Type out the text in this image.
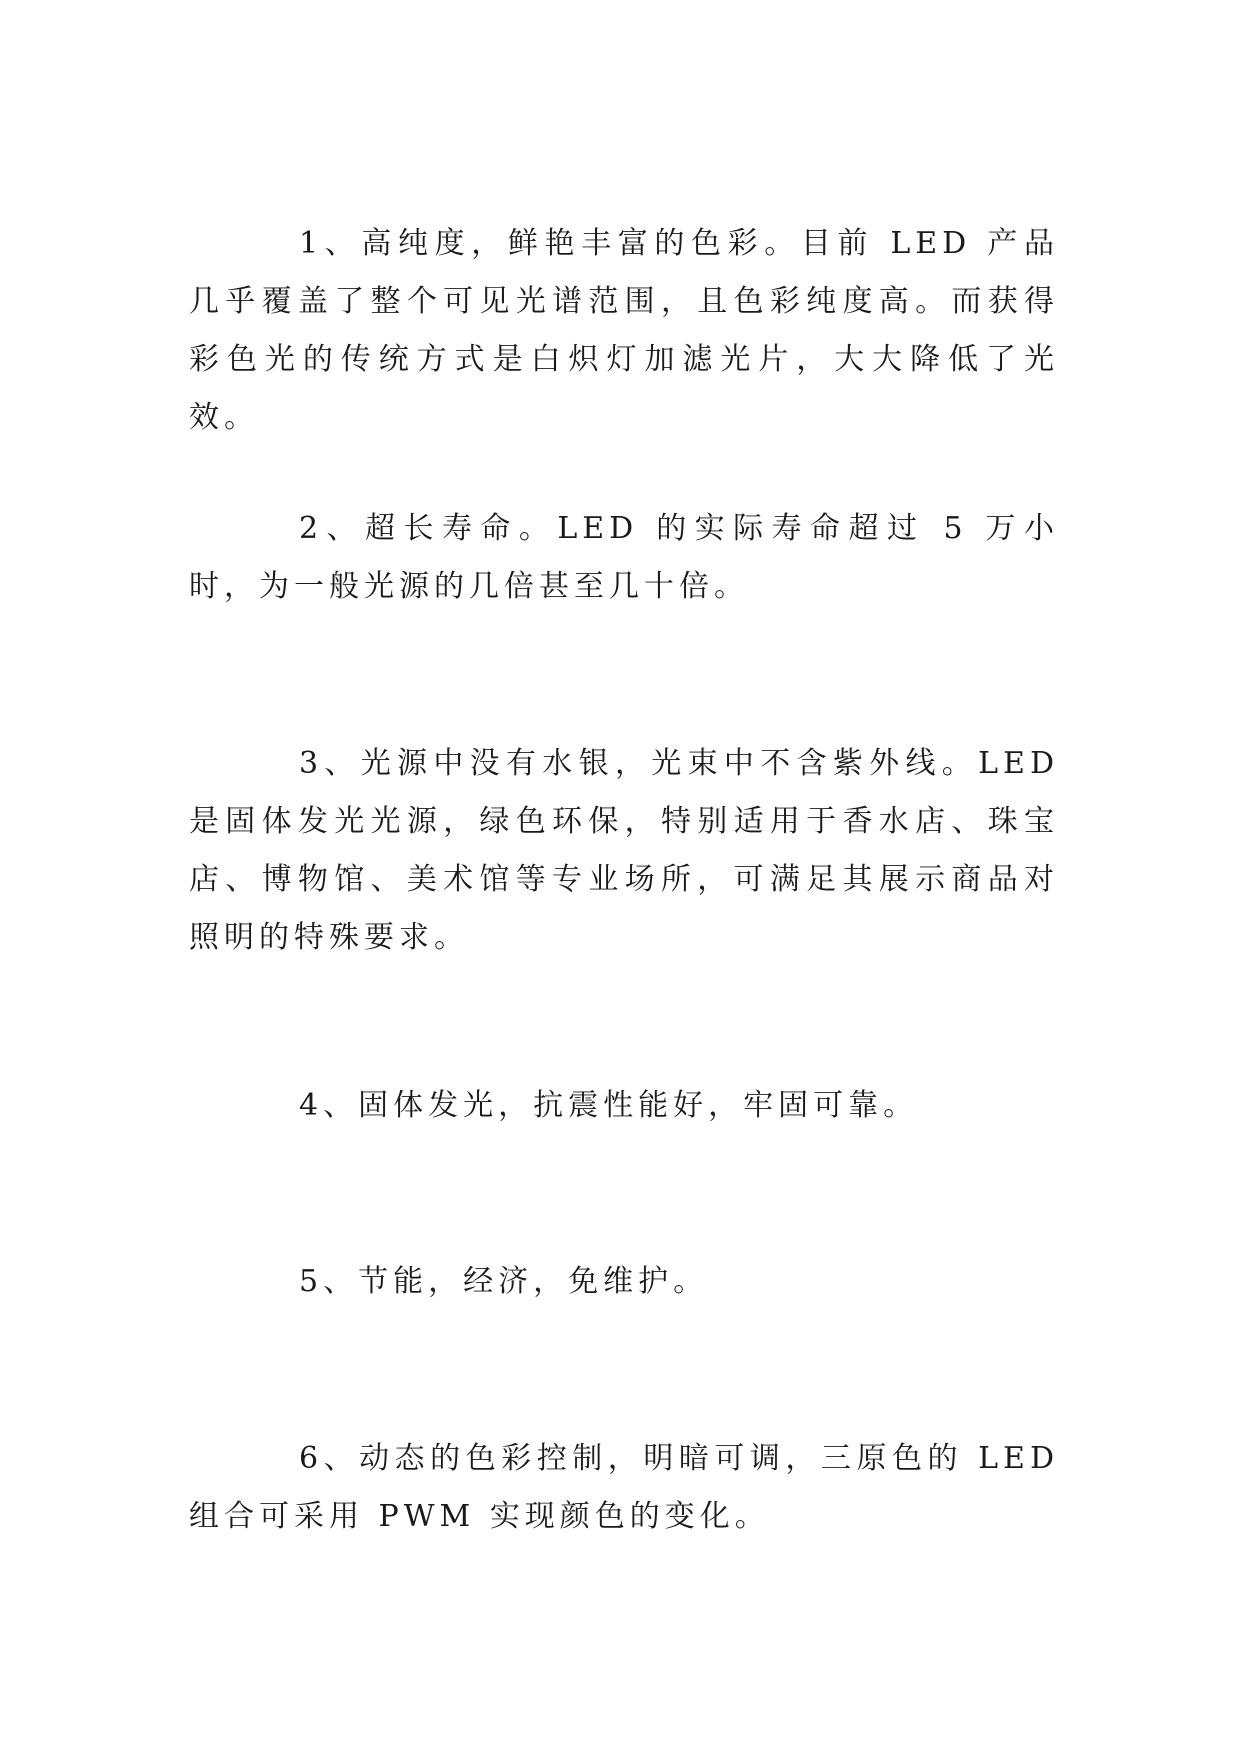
1、高纯度，鲜艳丰富的色彩。目前 LED 产品几乎覆盖了整个可见光谱范围，且色彩纯度高。而获得彩色光的传统方式是白炽灯加滤光片，大大降低了光效。

2、超长寿命。LED 的实际寿命超过 5 万小时，为一般光源的几倍甚至几十倍。

3、光源中没有水银，光束中不含紫外线。LED 是固体发光光源，绿色环保，特别适用于香水店、珠宝店、博物馆、美术馆等专业场所，可满足其展示商品对照明的特殊要求。

4、固体发光，抗震性能好，牢固可靠。

5、节能，经济，免维护。

6、动态的色彩控制，明暗可调，三原色的 LED 组合可采用 PWM 实现颜色的变化。
